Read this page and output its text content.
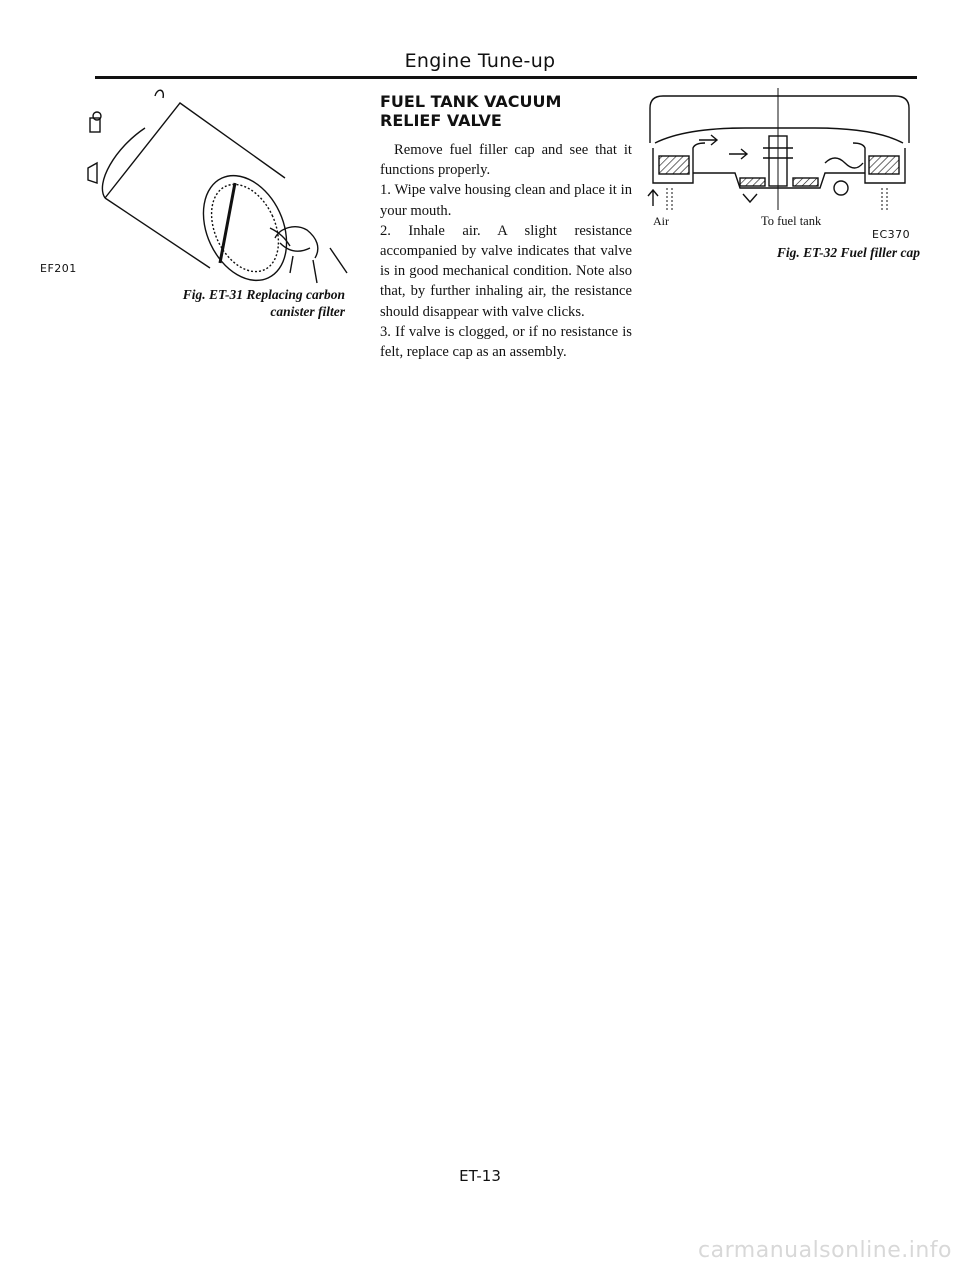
Engine Tune-up
EF201
Fig. ET-31 Replacing carbon
canister filter
FUEL TANK VACUUM
RELIEF VALVE

Remove fuel filler cap and see that it functions properly.

1. Wipe valve housing clean and place it in your mouth.

2. Inhale air. A slight resistance accompanied by valve indicates that valve is in good mechanical condition. Note also that, by further inhaling air, the resistance should disappear with valve clicks.

3. If valve is clogged, or if no resistance is felt, replace cap as an assembly.

Air	To fuel tank
EC370
Fig. ET-32 Fuel filler cap
ET-13
carmanualsonline.info
